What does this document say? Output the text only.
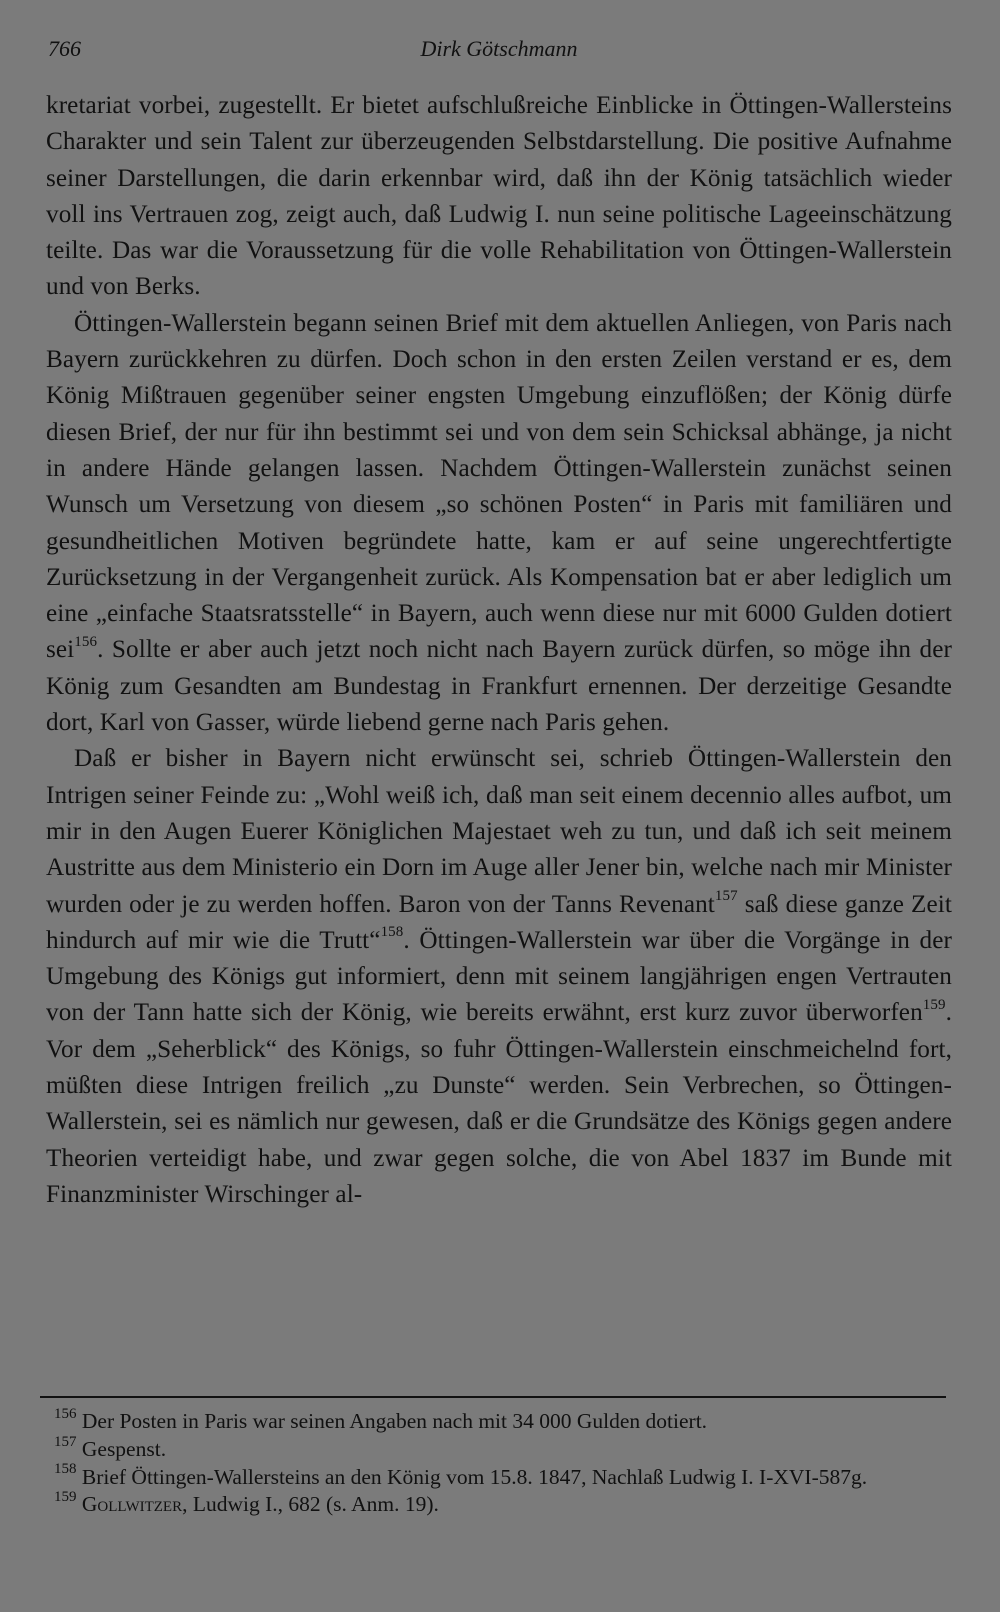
766	Dirk Götschmann

kretariat vorbei, zugestellt. Er bietet aufschlußreiche Einblicke in Öttingen-Wallersteins Charakter und sein Talent zur überzeugenden Selbstdarstellung. Die positive Aufnahme seiner Darstellungen, die darin erkennbar wird, daß ihn der König tatsächlich wieder voll ins Vertrauen zog, zeigt auch, daß Ludwig I. nun seine politische Lageeinschätzung teilte. Das war die Voraussetzung für die volle Rehabilitation von Öttingen-Wallerstein und von Berks.

Öttingen-Wallerstein begann seinen Brief mit dem aktuellen Anliegen, von Paris nach Bayern zurückkehren zu dürfen. Doch schon in den ersten Zeilen verstand er es, dem König Mißtrauen gegenüber seiner engsten Umgebung einzuflößen; der König dürfe diesen Brief, der nur für ihn bestimmt sei und von dem sein Schicksal abhänge, ja nicht in andere Hände gelangen lassen. Nachdem Öttingen-Wallerstein zunächst seinen Wunsch um Versetzung von diesem „so schönen Posten“ in Paris mit familiären und gesundheitlichen Motiven begründete hatte, kam er auf seine ungerechtfertigte Zurücksetzung in der Vergangenheit zurück. Als Kompensation bat er aber lediglich um eine „einfache Staatsratsstelle“ in Bayern, auch wenn diese nur mit 6000 Gulden dotiert sei$^{156}$. Sollte er aber auch jetzt noch nicht nach Bayern zurück dürfen, so möge ihn der König zum Gesandten am Bundestag in Frankfurt ernennen. Der derzeitige Gesandte dort, Karl von Gasser, würde liebend gerne nach Paris gehen.

Daß er bisher in Bayern nicht erwünscht sei, schrieb Öttingen-Wallerstein den Intrigen seiner Feinde zu: „Wohl weiß ich, daß man seit einem decennio alles aufbot, um mir in den Augen Euerer Königlichen Majestaet weh zu tun, und daß ich seit meinem Austritte aus dem Ministerio ein Dorn im Auge aller Jener bin, welche nach mir Minister wurden oder je zu werden hoffen. Baron von der Tanns Revenant$^{157}$ saß diese ganze Zeit hindurch auf mir wie die Trutt“$^{158}$. Öttingen-Wallerstein war über die Vorgänge in der Umgebung des Königs gut informiert, denn mit seinem langjährigen engen Vertrauten von der Tann hatte sich der König, wie bereits erwähnt, erst kurz zuvor überworfen$^{159}$. Vor dem „Seherblick“ des Königs, so fuhr Öttingen-Wallerstein einschmeichelnd fort, müßten diese Intrigen freilich „zu Dunste“ werden. Sein Verbrechen, so Öttingen-Wallerstein, sei es nämlich nur gewesen, daß er die Grundsätze des Königs gegen andere Theorien verteidigt habe, und zwar gegen solche, die von Abel 1837 im Bunde mit Finanzminister Wirschinger al-

$^{156}$ Der Posten in Paris war seinen Angaben nach mit 34 000 Gulden dotiert.

$^{157}$ Gespenst.

$^{158}$ Brief Öttingen-Wallersteins an den König vom 15.8. 1847, Nachlaß Ludwig I. I-XVI-587g.

$^{159}$ Gollwitzer, Ludwig I., 682 (s. Anm. 19).
